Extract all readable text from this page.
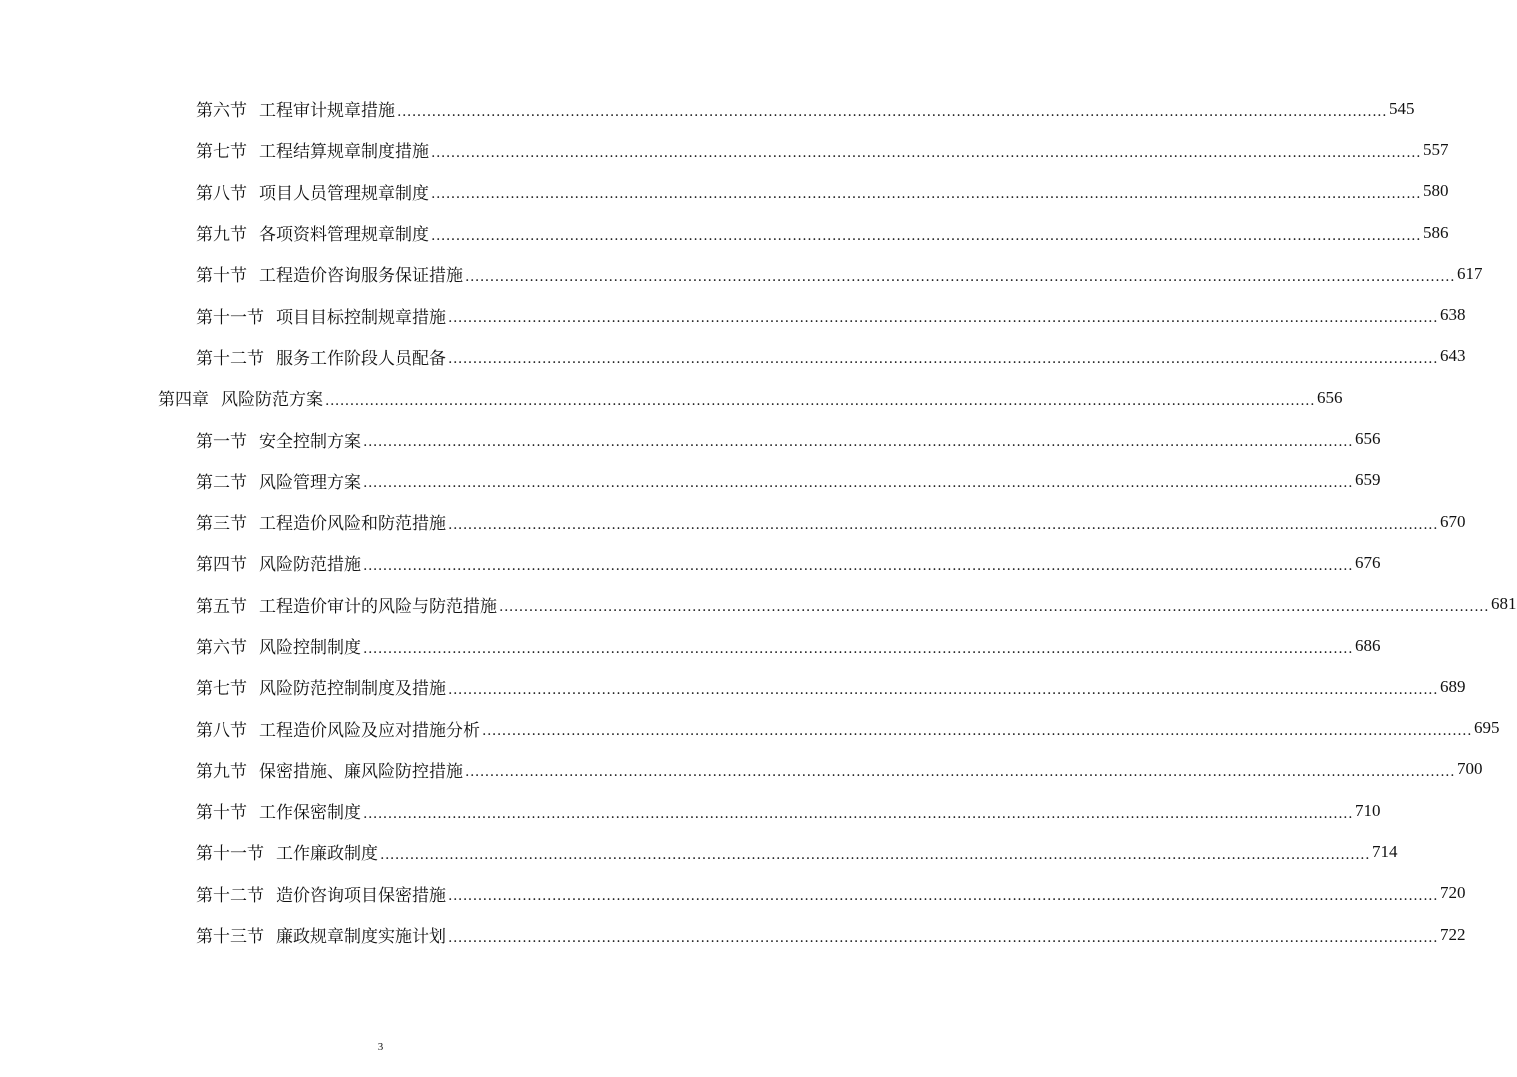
第六节 工程审计规章措施 ........................................................................................................................................................................................................ 545
第七节 工程结算规章制度措施 ........................................................................................................................................................................................................ 557
第八节 项目人员管理规章制度 ........................................................................................................................................................................................................ 580
第九节 各项资料管理规章制度 ........................................................................................................................................................................................................ 586
第十节 工程造价咨询服务保证措施 ........................................................................................................................................................................................................ 617
第十一节 项目目标控制规章措施 ........................................................................................................................................................................................................ 638
第十二节 服务工作阶段人员配备 ........................................................................................................................................................................................................ 643
第四章 风险防范方案 ........................................................................................................................................................................................................ 656
第一节 安全控制方案 ........................................................................................................................................................................................................ 656
第二节 风险管理方案 ........................................................................................................................................................................................................ 659
第三节 工程造价风险和防范措施 ........................................................................................................................................................................................................ 670
第四节 风险防范措施 ........................................................................................................................................................................................................ 676
第五节 工程造价审计的风险与防范措施 ........................................................................................................................................................................................................ 681
第六节 风险控制制度 ........................................................................................................................................................................................................ 686
第七节 风险防范控制制度及措施 ........................................................................................................................................................................................................ 689
第八节 工程造价风险及应对措施分析 ........................................................................................................................................................................................................ 695
第九节 保密措施、廉风险防控措施 ........................................................................................................................................................................................................ 700
第十节 工作保密制度 ........................................................................................................................................................................................................ 710
第十一节 工作廉政制度 ........................................................................................................................................................................................................ 714
第十二节 造价咨询项目保密措施 ........................................................................................................................................................................................................ 720
第十三节 廉政规章制度实施计划 ........................................................................................................................................................................................................ 722
3
